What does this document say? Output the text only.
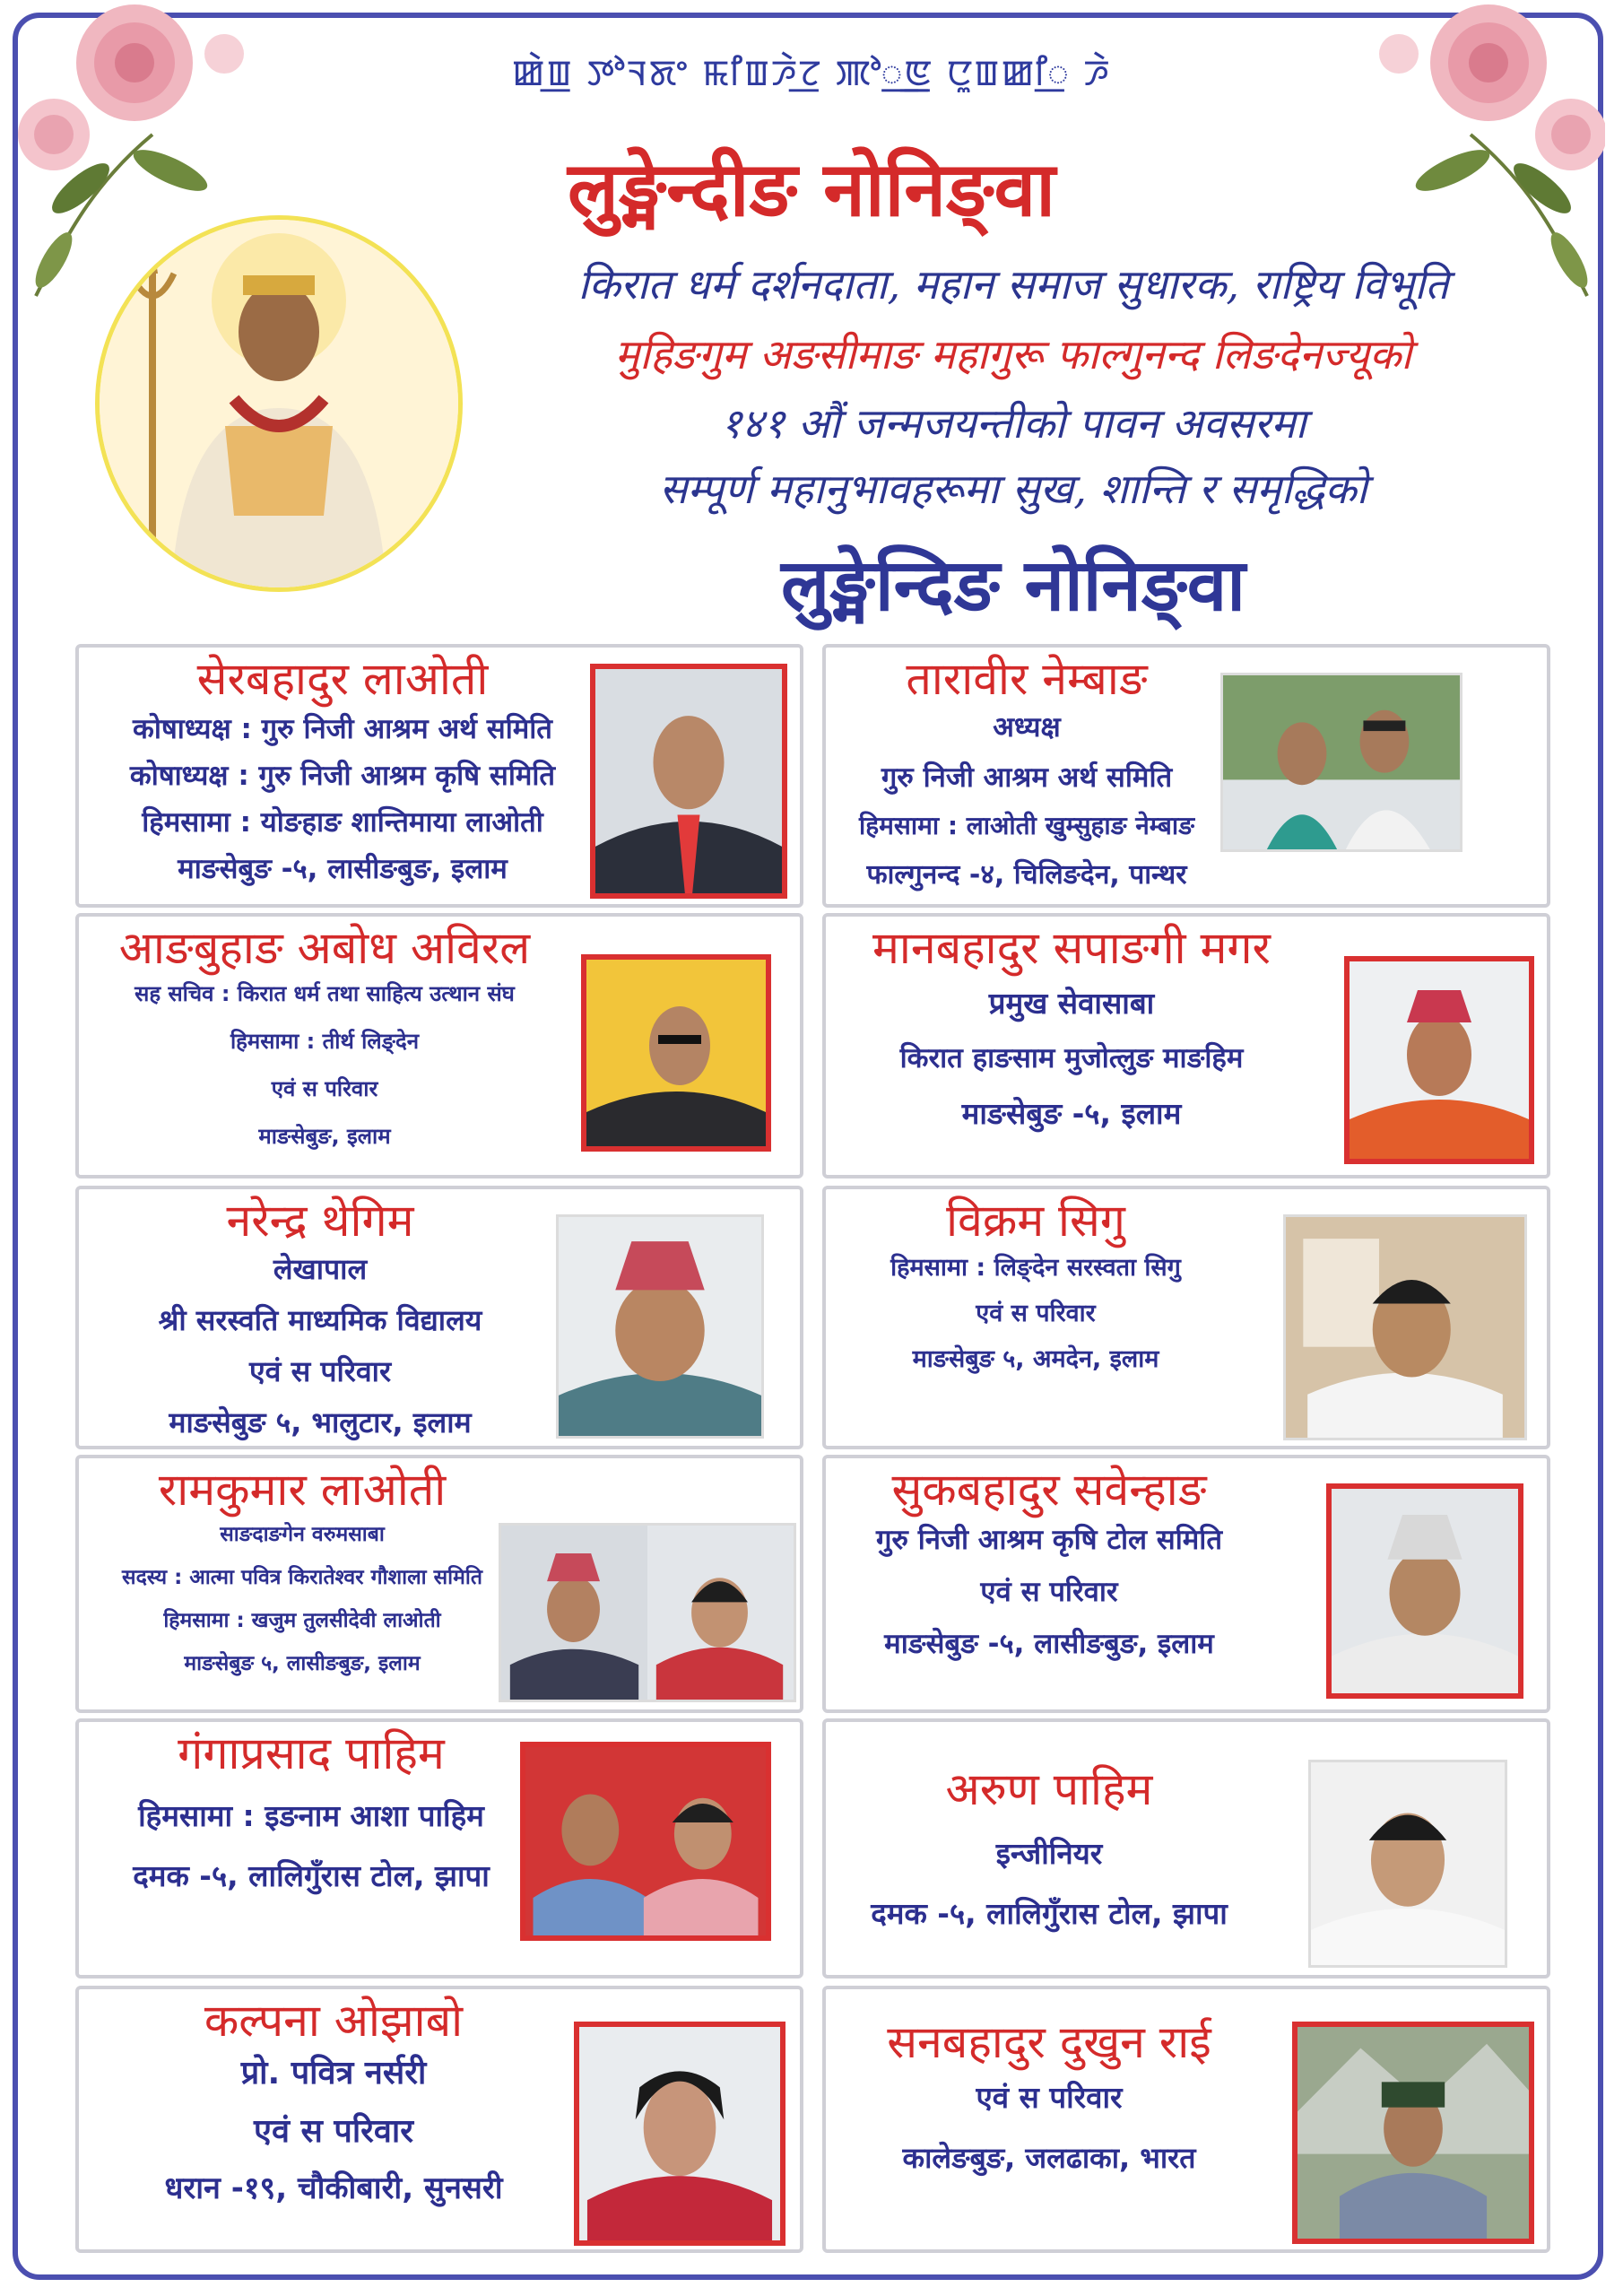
ꯀꯥꯡ꯭ ꯇꯣꯜꯗꯦ ꯃꯤꯡꯍꯥꯖ꯭ ꯄꯣ꯭ꯟ ꯅꯨꯡꯀꯤ꯭ ꯍꯥ
लुङ्मेन्दीङ नोनिङ्वा
किरात धर्म दर्शनदाता, महान समाज सुधारक, राष्ट्रिय विभूति
मुहिङगुम अङसीमाङ महागुरू फाल्गुनन्द लिङदेनज्यूको
१४१ औं जन्मजयन्तीको पावन अवसरमा
सम्पूर्ण महानुभावहरूमा सुख, शान्ति र समृद्धिको
लुङ्मेन्दिङ नोनिङ्वा
सेरबहादुर लाओती
कोषाध्यक्ष : गुरु निजी आश्रम अर्थ समिति
कोषाध्यक्ष : गुरु निजी आश्रम कृषि समिति
हिमसामा : योङहाङ शान्तिमाया लाओती
माङसेबुङ -५, लासीङबुङ, इलाम
तारावीर नेम्बाङ
अध्यक्ष
गुरु निजी आश्रम अर्थ समिति
हिमसामा : लाओती खुम्सुहाङ नेम्बाङ
फाल्गुनन्द -४, चिलिङदेन, पान्थर
आङबुहाङ अबोध अविरल
सह सचिव : किरात धर्म तथा साहित्य उत्थान संघ
हिमसामा : तीर्थ लिङ्देन
एवं स परिवार
माङसेबुङ, इलाम
मानबहादुर सपाङगी मगर
प्रमुख सेवासाबा
किरात हाङसाम मुजोत्लुङ माङहिम
माङसेबुङ -५, इलाम
नरेन्द्र थेगिम
लेखापाल
श्री सरस्वति माध्यमिक विद्यालय
एवं स परिवार
माङसेबुङ ५, भालुटार, इलाम
विक्रम सिगु
हिमसामा : लिङ्देन सरस्वता सिगु
एवं स परिवार
माङसेबुङ ५, अमदेन, इलाम
रामकुमार लाओती
साङदाङगेन वरुमसाबा
सदस्य : आत्मा पवित्र किरातेश्वर गौशाला समिति
हिमसामा : खजुम तुलसीदेवी लाओती
माङसेबुङ ५, लासीङबुङ, इलाम
सुकबहादुर सवेन्हाङ
गुरु निजी आश्रम कृषि टोल समिति
एवं स परिवार
माङसेबुङ -५, लासीङबुङ, इलाम
गंगाप्रसाद पाहिम
हिमसामा : इङनाम आशा पाहिम
दमक -५, लालिगुँरास टोल, झापा
अरुण पाहिम
इन्जीनियर
दमक -५, लालिगुँरास टोल, झापा
कल्पना ओझाबो
प्रो. पवित्र नर्सरी
एवं स परिवार
धरान -१९, चौकीबारी, सुनसरी
सनबहादुर दुखुन राई
एवं स परिवार
कालेङबुङ, जलढाका, भारत
